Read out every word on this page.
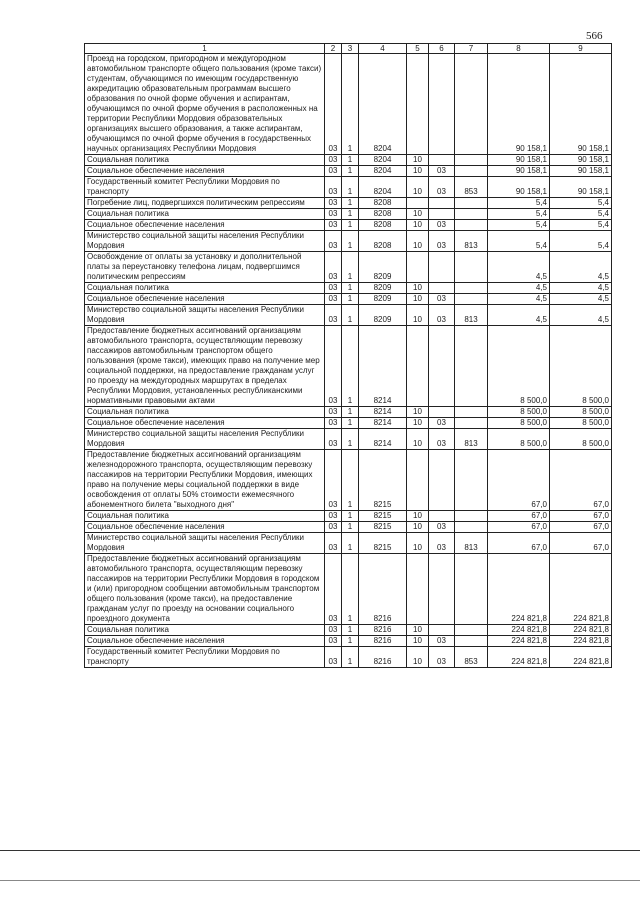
566
1	2	3	4	5	6	7	8	9
Проезд на городском, пригородном и междугородном автомобильном транспорте общего пользования (кроме такси) студентам, обучающимся по имеющим государственную аккредитацию образовательным программам высшего образования по очной форме обучения и аспирантам, обучающимся по очной форме обучения в расположенных на территории Республики Мордовия образовательных организациях высшего образования, а также аспирантам, обучающимся по очной форме обучения в государственных научных организациях Республики Мордовия	03	1	8204				90 158,1	90 158,1
Социальная политика	03	1	8204	10			90 158,1	90 158,1
Социальное обеспечение населения	03	1	8204	10	03		90 158,1	90 158,1
Государственный комитет Республики Мордовия по транспорту	03	1	8204	10	03	853	90 158,1	90 158,1
Погребение лиц, подвергшихся политическим репрессиям	03	1	8208				5,4	5,4
Социальная политика	03	1	8208	10			5,4	5,4
Социальное обеспечение населения	03	1	8208	10	03		5,4	5,4
Министерство социальной защиты населения Республики Мордовия	03	1	8208	10	03	813	5,4	5,4
Освобождение от оплаты за установку и дополнительной платы за переустановку телефона лицам, подвергшимся политическим репрессиям	03	1	8209				4,5	4,5
Социальная политика	03	1	8209	10			4,5	4,5
Социальное обеспечение населения	03	1	8209	10	03		4,5	4,5
Министерство социальной защиты населения Республики Мордовия	03	1	8209	10	03	813	4,5	4,5
Предоставление бюджетных ассигнований организациям автомобильного транспорта, осуществляющим перевозку пассажиров автомобильным транспортом общего пользования (кроме такси), имеющих право на получение мер социальной поддержки, на предоставление гражданам услуг по проезду на междугородных маршрутах в пределах Республики Мордовия, установленных республиканскими нормативными правовыми актами	03	1	8214				8 500,0	8 500,0
Социальная политика	03	1	8214	10			8 500,0	8 500,0
Социальное обеспечение населения	03	1	8214	10	03		8 500,0	8 500,0
Министерство социальной защиты населения Республики Мордовия	03	1	8214	10	03	813	8 500,0	8 500,0
Предоставление бюджетных ассигнований организациям железнодорожного транспорта, осуществляющим перевозку пассажиров на территории Республики Мордовия, имеющих право на получение меры социальной поддержки в виде освобождения от оплаты 50% стоимости ежемесячного абонементного билета "выходного дня"	03	1	8215				67,0	67,0
Социальная политика	03	1	8215	10			67,0	67,0
Социальное обеспечение населения	03	1	8215	10	03		67,0	67,0
Министерство социальной защиты населения Республики Мордовия	03	1	8215	10	03	813	67,0	67,0
Предоставление бюджетных ассигнований организациям автомобильного транспорта, осуществляющим перевозку пассажиров на территории Республики Мордовия в городском и (или) пригородном сообщении автомобильным транспортом общего пользования (кроме такси), на предоставление гражданам услуг по проезду на основании социального проездного документа	03	1	8216				224 821,8	224 821,8
Социальная политика	03	1	8216	10			224 821,8	224 821,8
Социальное обеспечение населения	03	1	8216	10	03		224 821,8	224 821,8
Государственный комитет Республики Мордовия по транспорту	03	1	8216	10	03	853	224 821,8	224 821,8
